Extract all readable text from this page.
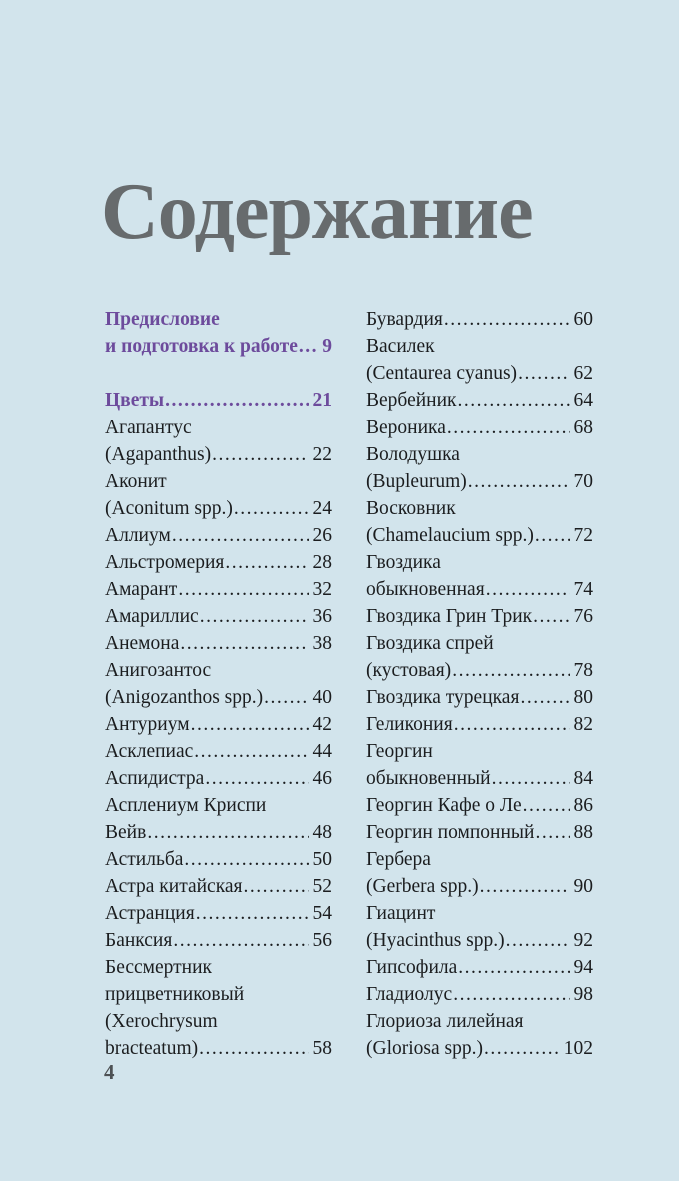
Содержание
Предисловие
и подготовка к работе ..... 9
Цветы .....	21
Агапантус
(Agapanthus) .....	22
Аконит
(Aconitum spp.) .....	24
Аллиум .....	26
Альстромерия .....	28
Амарант .....	32
Амариллис .....	36
Анемона .....	38
Анигозантос
(Anigozanthos spp.) .....	40
Антуриум .....	42
Асклепиас .....	44
Аспидистра .....	46
Асплениум Криспи
Вейв .....	48
Астильба .....	50
Астра китайская .....	52
Астранция .....	54
Банксия .....	56
Бессмертник
прицветниковый
(Xerochrysum
bracteatum) .....	58
Бувардия .....	60
Василек
(Centaurea cyanus) .....	62
Вербейник .....	64
Вероника .....	68
Володушка
(Bupleurum) .....	70
Восковник
(Chamelaucium spp.) ..... 72
Гвоздика
обыкновенная .....	74
Гвоздика Грин Трик ..... 76
Гвоздика спрей
(кустовая) .....	78
Гвоздика турецкая .....	80
Геликония .....	82
Георгин
обыкновенный .....	84
Георгин Кафе о Ле .....	86
Георгин помпонный ..... 88
Гербера
(Gerbera spp.) .....	90
Гиацинт
(Hyacinthus spp.) .....	92
Гипсофила .....	94
Гладиолус .....	98
Глориоза лилейная
(Gloriosa spp.) .....	102
4
